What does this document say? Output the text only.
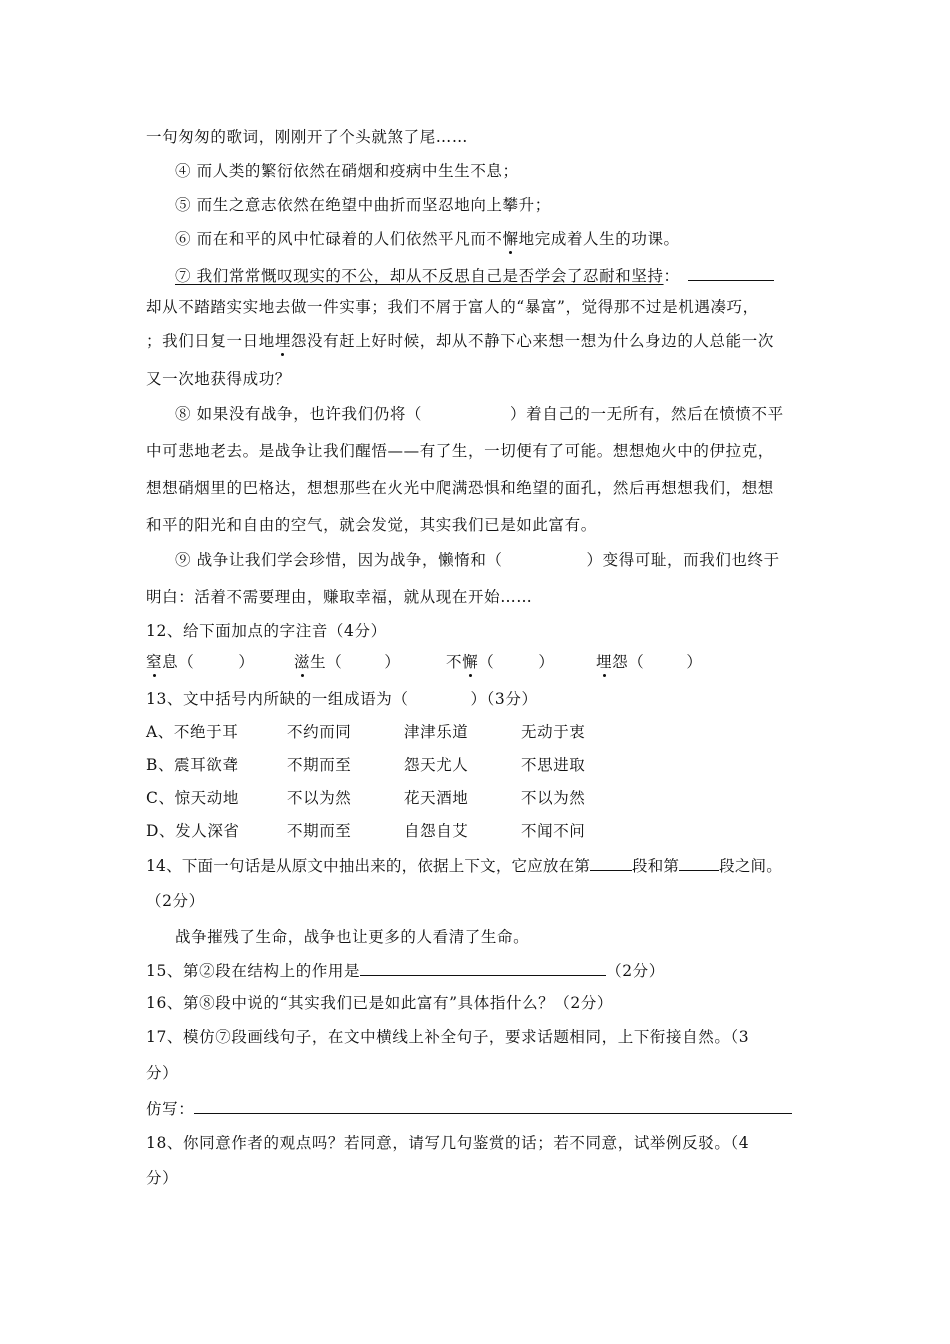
一句匆匆的歌词，刚刚开了个头就煞了尾……
④ 而人类的繁衍依然在硝烟和疫病中生生不息；
⑤ 而生之意志依然在绝望中曲折而坚忍地向上攀升；
⑥ 而在和平的风中忙碌着的人们依然平凡而不懈地完成着人生的功课。
⑦ 我们常常慨叹现实的不公，却从不反思自己是否学会了忍耐和坚持：
却从不踏踏实实地去做一件实事；我们不屑于富人的“暴富”，觉得那不过是机遇凑巧，
；我们日复一日地埋怨没有赶上好时候，却从不静下心来想一想为什么身边的人总能一次
又一次地获得成功？
⑧ 如果没有战争，也许我们仍将（	）着自己的一无所有，然后在愤愤不平
中可悲地老去。是战争让我们醒悟——有了生，一切便有了可能。想想炮火中的伊拉克，
想想硝烟里的巴格达，想想那些在火光中爬满恐惧和绝望的面孔，然后再想想我们，想想
和平的阳光和自由的空气，就会发觉，其实我们已是如此富有。
⑨ 战争让我们学会珍惜，因为战争，懒惰和（	）变得可耻，而我们也终于
明白：活着不需要理由，赚取幸福，就从现在开始……
12、给下面加点的字注音（4分）
窒息（	）	滋生（	）	不懈（	）	埋怨（	）
13、文中括号内所缺的一组成语为（	）（3分）
A、不绝于耳	不约而同	津津乐道	无动于衷
B、震耳欲聋	不期而至	怨天尤人	不思进取
C、惊天动地	不以为然	花天酒地	不以为然
D、发人深省	不期而至	自怨自艾	不闻不问
14、下面一句话是从原文中抽出来的，依据上下文，它应放在第	段和第	段之间。
（2分）
战争摧残了生命，战争也让更多的人看清了生命。
15、第②段在结构上的作用是	（2分）
16、第⑧段中说的“其实我们已是如此富有”具体指什么？（2分）
17、模仿⑦段画线句子，在文中横线上补全句子，要求话题相同，上下衔接自然。（3
分）
仿写：
18、你同意作者的观点吗？若同意，请写几句鉴赏的话；若不同意，试举例反驳。（4
分）
